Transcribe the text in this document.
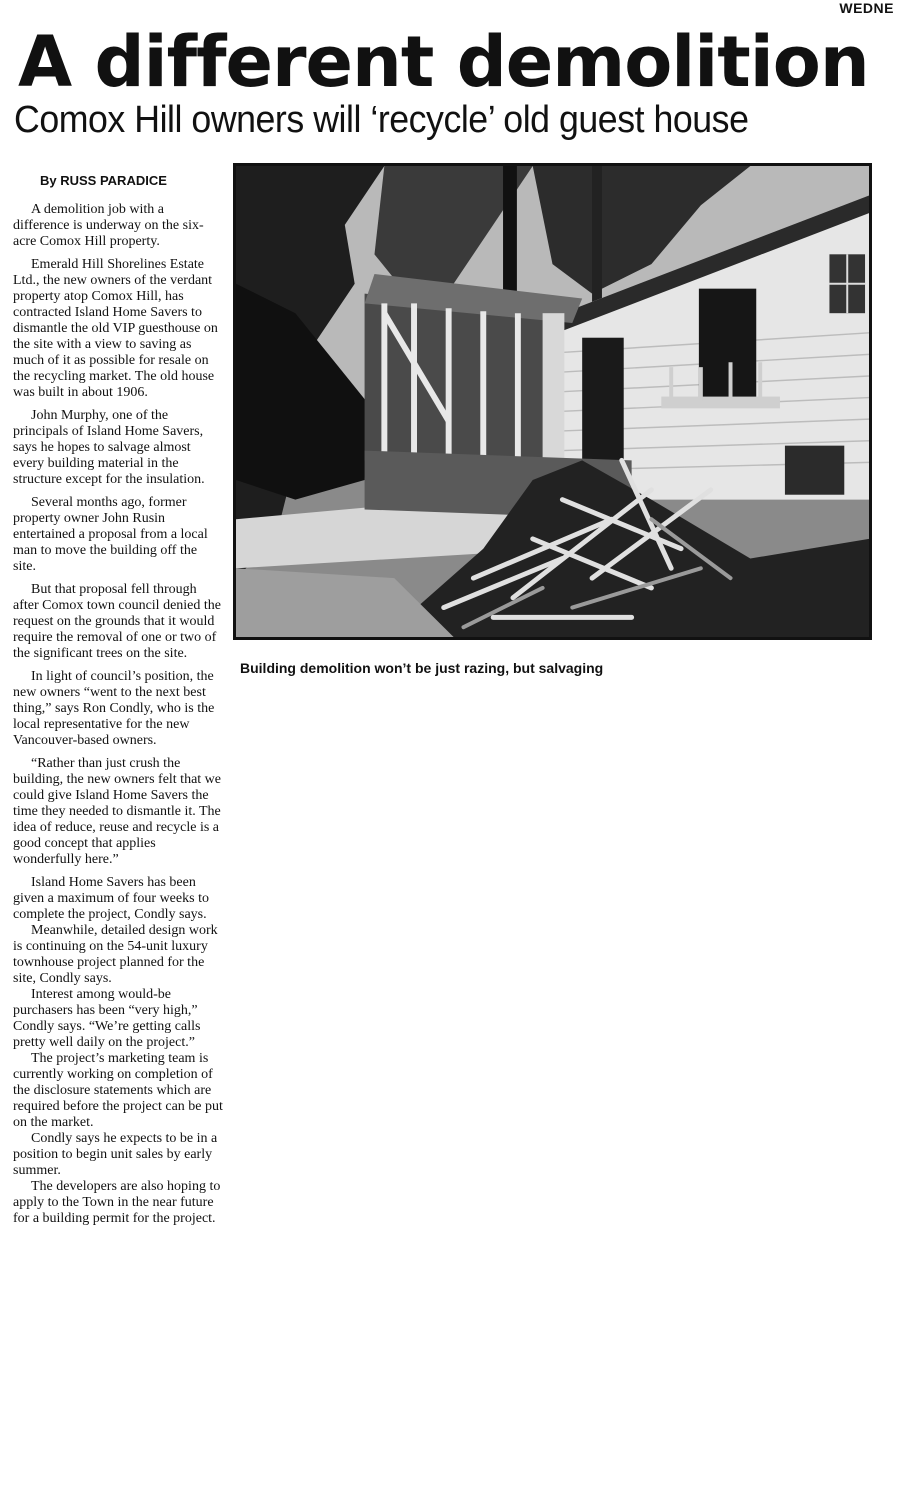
WEDNE
A different demolition
Comox Hill owners will ‘recycle’ old guest house
By RUSS PARADICE

A demolition job with a difference is underway on the six-acre Comox Hill property.

Emerald Hill Shorelines Estate Ltd., the new owners of the verdant property atop Comox Hill, has contracted Island Home Savers to dismantle the old VIP guesthouse on the site with a view to saving as much of it as possible for resale on the recycling market. The old house was built in about 1906.

John Murphy, one of the principals of Island Home Savers, says he hopes to salvage almost every building material in the structure except for the insulation.

Several months ago, former property owner John Rusin entertained a proposal from a local man to move the building off the site.

But that proposal fell through after Comox town council denied the request on the grounds that it would require the removal of one or two of the significant trees on the site.

In light of council’s position, the new owners “went to the next best thing,” says Ron Condly, who is the local representative for the new Vancouver-based owners.

“Rather than just crush the building, the new owners felt that we could give Island Home Savers the time they needed to dismantle it. The idea of reduce, reuse and recycle is a good concept that applies wonderfully here.”

Island Home Savers has been given a maximum of four weeks to complete the project, Condly says.

Meanwhile, detailed design work is continuing on the 54-unit luxury townhouse project planned for the site, Condly says.

Interest among would-be purchasers has been “very high,” Condly says. “We’re getting calls pretty well daily on the project.”

The project’s marketing team is currently working on completion of the disclosure statements which are required before the project can be put on the market.

Condly says he expects to be in a position to begin unit sales by early summer.

The developers are also hoping to apply to the Town in the near future for a building permit for the project.

Building demolition won’t be just razing, but salvaging
